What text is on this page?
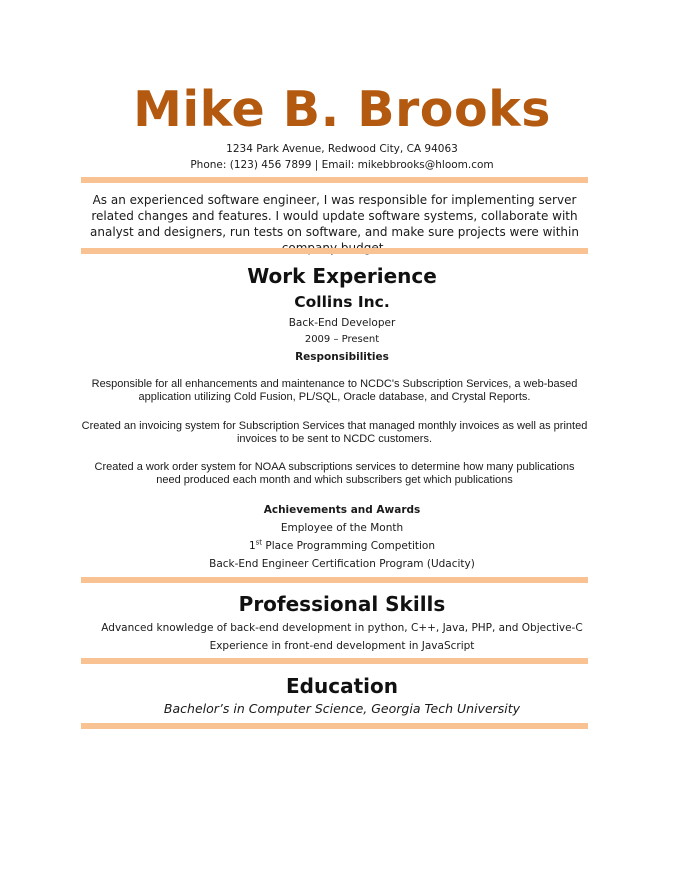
Mike B. Brooks
1234 Park Avenue, Redwood City, CA 94063
Phone: (123) 456 7899 | Email: mikebbrooks@hloom.com
As an experienced software engineer, I was responsible for implementing server related changes and features. I would update software systems, collaborate with analyst and designers, run tests on software, and make sure projects were within
Work Experience
Collins Inc.
Back-End Developer
2009 – Present
Responsibilities
Responsible for all enhancements and maintenance to NCDC's Subscription Services, a web-based application utilizing Cold Fusion, PL/SQL, Oracle database, and Crystal Reports.
Created an invoicing system for Subscription Services that managed monthly invoices as well as printed invoices to be sent to NCDC customers.
Created a work order system for NOAA subscriptions services to determine how many publications need produced each month and which subscribers get which publications
Achievements and Awards
Employee of the Month
1st Place Programming Competition
Back-End Engineer Certification Program (Udacity)
Professional Skills
Advanced knowledge of back-end development in python, C++, Java, PHP, and Objective-C
Experience in front-end development in JavaScript
Education
Bachelor’s in Computer Science, Georgia Tech University
